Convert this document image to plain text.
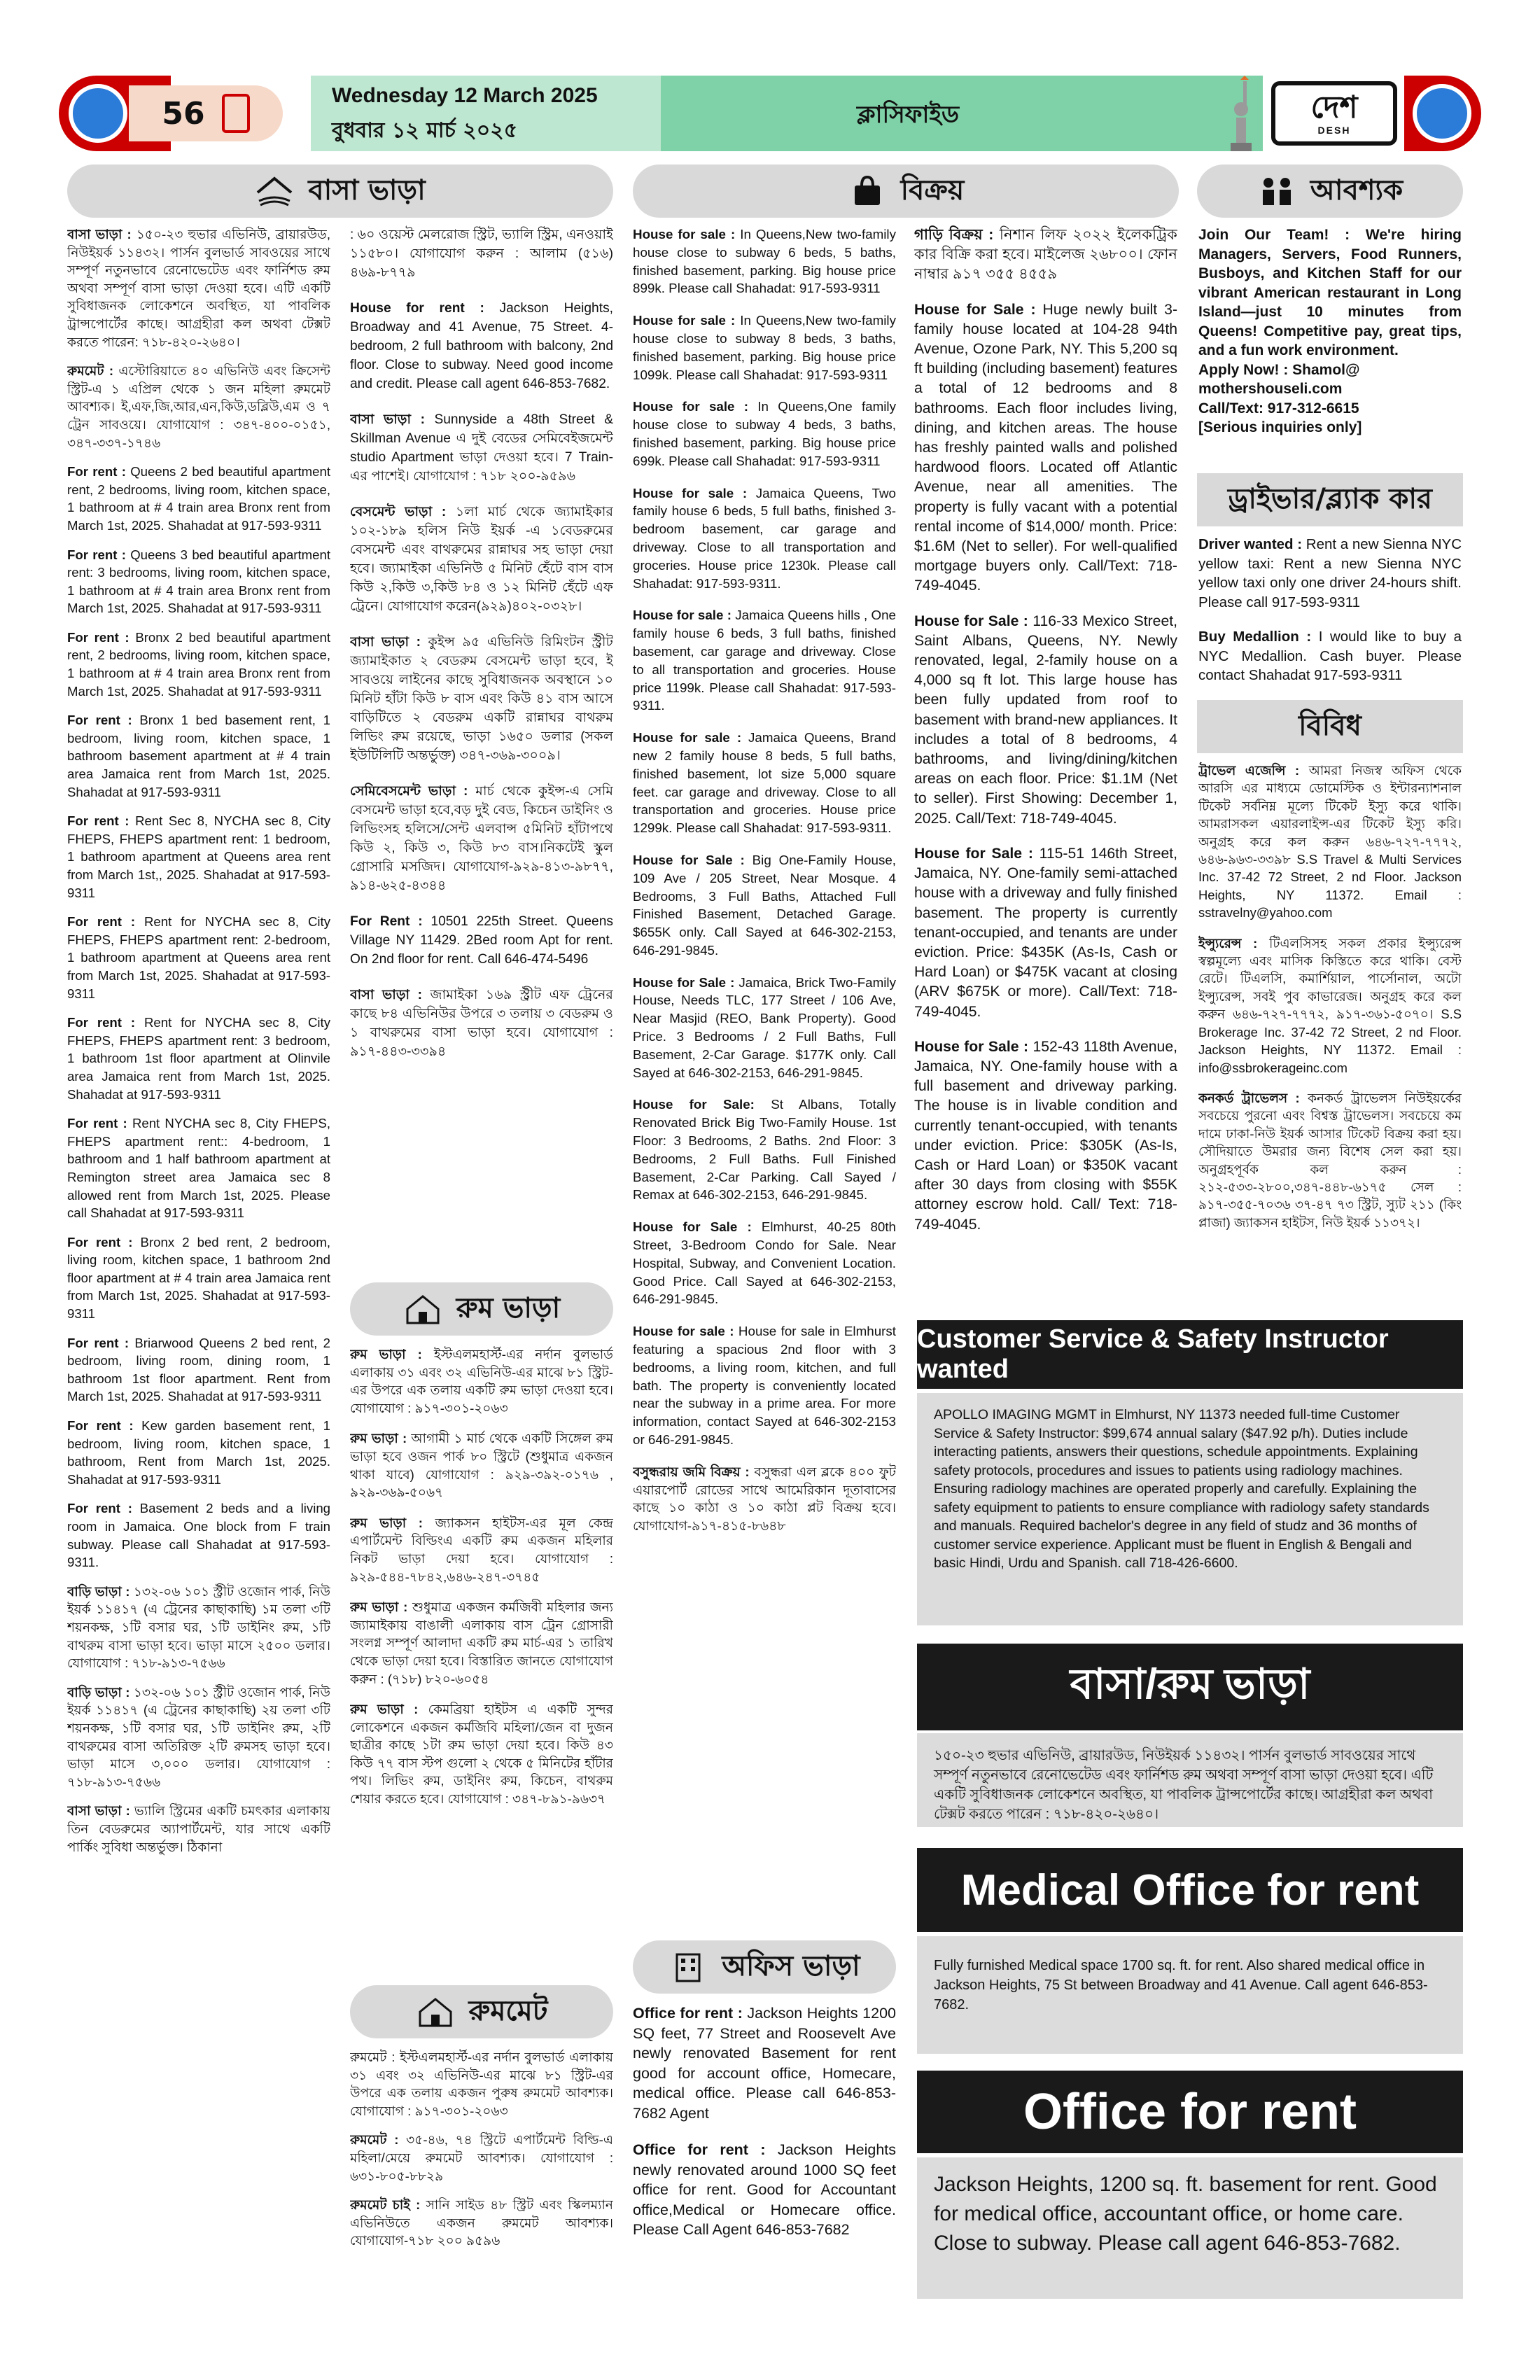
56	Wednesday 12 March 2025
বুধবার ১২ মার্চ ২০২৫
ক্লাসিফাইড	দেশ
DESH
বাসা ভাড়া
বাসা ভাড়া : ১৫০-২৩ হুভার এভিনিউ, ব্রায়ারউড, নিউইয়র্ক ১১৪৩২। পার্সন বুলভার্ড সাবওয়ের সাথে সম্পূর্ণ নতুনভাবে রেনোভেটেড এবং ফার্নিশড রুম অথবা সম্পূর্ণ বাসা ভাড়া দেওয়া হবে। এটি একটি সুবিধাজনক লোকেশনে অবস্থিত, যা পাবলিক ট্রান্সপোর্টের কাছে। আগ্রহীরা কল অথবা টেক্সট করতে পারেন: ৭১৮-৪২০-২৬৪০।
রুমমেট : এস্টোরিয়াতে ৪০ এভিনিউ এবং ক্রিসেন্ট স্ট্রিট-এ ১ এপ্রিল থেকে ১ জন মহিলা রুমমেট আবশ্যক। ই,এফ,জি,আর,এন,কিউ,ডব্লিউ,এম ও ৭ ট্রেন সাবওয়ে। যোগাযোগ : ৩৪৭-৪০০-০১৫১, ৩৪৭-৩৩৭-১৭৪৬
For rent : Queens 2 bed beautiful apartment rent, 2 bedrooms, living room, kitchen space, 1 bathroom at # 4 train area Bronx rent from March 1st, 2025. Shahadat at 917-593-9311
For rent : Queens 3 bed beautiful apartment rent: 3 bedrooms, living room, kitchen space, 1 bathroom at # 4 train area Bronx rent from March 1st, 2025. Shahadat at 917-593-9311
For rent : Bronx 2 bed beautiful apartment rent, 2 bedrooms, living room, kitchen space, 1 bathroom at # 4 train area Bronx rent from March 1st, 2025. Shahadat at 917-593-9311
For rent : Bronx 1 bed basement rent, 1 bedroom, living room, kitchen space, 1 bathroom basement apartment at # 4 train area Jamaica rent from March 1st, 2025. Shahadat at 917-593-9311
For rent : Rent Sec 8, NYCHA sec 8, City FHEPS, FHEPS apartment rent: 1 bedroom, 1 bathroom apartment at Queens area rent from March 1st,, 2025. Shahadat at 917-593-9311
For rent : Rent for NYCHA sec 8, City FHEPS, FHEPS apartment rent: 2-bedroom, 1 bathroom apartment at Queens area rent from March 1st, 2025. Shahadat at 917-593-9311
For rent : Rent for NYCHA sec 8, City FHEPS, FHEPS apartment rent: 3 bedroom, 1 bathroom 1st floor apartment at Olinvile area Jamaica rent from March 1st, 2025. Shahadat at 917-593-9311
For rent : Rent NYCHA sec 8, City FHEPS, FHEPS apartment rent:: 4-bedroom, 1 bathroom and 1 half bathroom apartment at Remington street area Jamaica sec 8 allowed rent from March 1st, 2025. Please call Shahadat at 917-593-9311
For rent : Bronx 2 bed rent, 2 bedroom, living room, kitchen space, 1 bathroom 2nd floor apartment at # 4 train area Jamaica rent from March 1st, 2025. Shahadat at 917-593-9311
For rent : Briarwood Queens 2 bed rent, 2 bedroom, living room, dining room, 1 bathroom 1st floor apartment. Rent from March 1st, 2025. Shahadat at 917-593-9311
For rent : Kew garden basement rent, 1 bedroom, living room, kitchen space, 1 bathroom, Rent from March 1st, 2025. Shahadat at 917-593-9311
For rent : Basement 2 beds and a living room in Jamaica. One block from F train subway. Please call Shahadat at 917-593-9311.
বাড়ি ভাড়া : ১৩২-০৬ ১০১ স্ট্রীট ওজোন পার্ক, নিউ ইয়র্ক ১১৪১৭ (এ ট্রেনের কাছাকাছি) ১ম তলা ৩টি শয়নকক্ষ, ১টি বসার ঘর, ১টি ডাইনিং রুম, ১টি বাথরুম বাসা ভাড়া হবে। ভাড়া মাসে ২৫০০ ডলার। যোগাযোগ : ৭১৮-৯১৩-৭৫৬৬
বাড়ি ভাড়া : ১৩২-০৬ ১০১ স্ট্রীট ওজোন পার্ক, নিউ ইয়র্ক ১১৪১৭ (এ ট্রেনের কাছাকাছি) ২য় তলা ৩টি শয়নকক্ষ, ১টি বসার ঘর, ১টি ডাইনিং রুম, ২টি বাথরুমের বাসা অতিরিক্ত ২টি রুমসহ ভাড়া হবে। ভাড়া মাসে ৩,০০০ ডলার। যোগাযোগ : ৭১৮-৯১৩-৭৫৬৬
বাসা ভাড়া : ভ্যালি স্ট্রিমের একটি চমৎকার এলাকায় তিন বেডরুমের অ্যাপার্টমেন্ট, যার সাথে একটি পার্কিং সুবিধা অন্তর্ভুক্ত। ঠিকানা
: ৬০ ওয়েস্ট মেলরোজ স্ট্রিট, ভ্যালি স্ট্রিম, এনওয়াই ১১৫৮০। যোগাযোগ করুন : আলাম (৫১৬) ৪৬৯-৮৭৭৯
House for rent : Jackson Heights, Broadway and 41 Avenue, 75 Street. 4-bedroom, 2 full bathroom with balcony, 2nd floor. Close to subway. Need good income and credit. Please call agent 646-853-7682.
বাসা ভাড়া : Sunnyside a 48th Street & Skillman Avenue এ দুই বেডের সেমিবেইজমেন্ট studio Apartment ভাড়া দেওয়া হবে। 7 Train-এর পাশেই। যোগাযোগ : ৭১৮ ২০০-৯৫৯৬
বেসমেন্ট ভাড়া : ১লা মার্চ থেকে জ্যামাইকার ১০২-১৮৯ হলিস নিউ ইয়র্ক -এ ১বেডরুমের বেসমেন্ট এবং বাথরুমের রান্নাঘর সহ ভাড়া দেয়া হবে। জ্যামাইকা এভিনিউ ৫ মিনিট হেঁটে বাস বাস কিউ ২,কিউ ৩,কিউ ৮৪ ও ১২ মিনিট হেঁটে এফ ট্রেনে। যোগাযোগ করেন(৯২৯)৪০২-০৩২৮।
বাসা ভাড়া : কুইন্স ৯৫ এভিনিউ রিমিংটন স্ট্রীট জ্যামাইকাত ২ বেডরুম বেসমেন্ট ভাড়া হবে, ই সাবওয়ে লাইনের কাছে সুবিধাজনক অবস্থানে ১০ মিনিট হাঁটা কিউ ৮ বাস এবং কিউ ৪১ বাস আসে বাড়িটিতে ২ বেডরুম একটি রান্নাঘর বাথরুম লিভিং রুম রয়েছে, ভাড়া ১৬৫০ ডলার (সকল ইউটিলিটি অন্তর্ভুক্ত) ৩৪৭-৩৬৯-৩০০৯।
সেমিবেসমেন্ট ভাড়া : মার্চ থেকে কুইন্স-এ সেমি বেসমেন্ট ভাড়া হবে,বড় দুই বেড, কিচেন ডাইনিং ও লিভিংসহ হলিসে/সেন্ট এলবান্স ৫মিনিট হাঁটাপথে কিউ ২, কিউ ৩, কিউ ৮৩ বাস।নিকটেই স্কুল গ্রোসারি মসজিদ। যোগাযোগ-৯২৯-৪১৩-৯৮৭৭, ৯১৪-৬২৫-৪৩৪৪
For Rent : 10501 225th Street. Queens Village NY 11429. 2Bed room Apt for rent. On 2nd floor for rent. Call 646-474-5496
বাসা ভাড়া : জামাইকা ১৬৯ স্ট্রীট এফ ট্রেনের কাছে ৮৪ এভিনিউর উপরে ৩ তলায় ৩ বেডরুম ও ১ বাথরুমের বাসা ভাড়া হবে। যোগাযোগ : ৯১৭-৪৪৩-৩৩৯৪
রুম ভাড়া
রুম ভাড়া : ইস্টএলমহার্স্ট-এর নর্দান বুলভার্ড এলাকায় ৩১ এবং ৩২ এভিনিউ-এর মাঝে ৮১ স্ট্রিট-এর উপরে এক তলায় একটি রুম ভাড়া দেওয়া হবে। যোগাযোগ : ৯১৭-৩০১-২০৬৩
রুম ভাড়া : আগামী ১ মার্চ থেকে একটি সিঙ্গেল রুম ভাড়া হবে ওজন পার্ক ৮০ স্ট্রিটে (শুধুমাত্র একজন থাকা যাবে) যোগাযোগ : ৯২৯-৩৯২-০১৭৬ , ৯২৯-৩৬৯-৫০৬৭
রুম ভাড়া : জ্যাকসন হাইটস-এর মূল কেন্দ্র এপার্টমেন্ট বিল্ডিংএ একটি রুম একজন মহিলার নিকট ভাড়া দেয়া হবে। যোগাযোগ : ৯২৯-৫৪৪-৭৮৪২,৬৪৬-২৪৭-৩৭৪৫
রুম ভাড়া : শুধুমাত্র একজন কর্মজিবী মহিলার জন্য জ্যামাইকায় বাঙালী এলাকায় বাস ট্রেন গ্রোসারী সংলগ্ন সম্পূর্ণ আলাদা একটি রুম মার্চ-এর ১ তারিখ থেকে ভাড়া দেয়া হবে। বিস্তারিত জানতে যোগাযোগ করুন : (৭১৮) ৮২০-৬০৫৪
রুম ভাড়া : কেমব্রিয়া হাইটস এ একটি সুন্দর লোকেশনে একজন কর্মজিবি মহিলা/জেন বা দুজন ছাত্রীর কাছে ১টা রুম ভাড়া দেয়া হবে। কিউ ৪৩ কিউ ৭৭ বাস স্টপ গুলো ২ থেকে ৫ মিনিটের হাঁটার পথ। লিভিং রুম, ডাইনিং রুম, কিচেন, বাথরুম শেয়ার করতে হবে। যোগাযোগ : ৩৪৭-৮৯১-৯৬৩৭
রুমমেট
রুমমেট : ইস্টএলমহার্স্ট-এর নর্দান বুলভার্ড এলাকায় ৩১ এবং ৩২ এভিনিউ-এর মাঝে ৮১ স্ট্রিট-এর উপরে এক তলায় একজন পুরুষ রুমমেট আবশ্যক। যোগাযোগ : ৯১৭-৩০১-২০৬৩
রুমমেট : ৩৫-৪৬, ৭৪ স্ট্রিটে এপার্টমেন্ট বিল্ডি-এ মহিলা/মেয়ে রুমমেট আবশ্যক। যোগাযোগ : ৬৩১-৮০৫-৮৮২৯
রুমমেট চাই : সানি সাইড ৪৮ স্ট্রিট এবং স্কিলম্যান এভিনিউতে একজন রুমমেট আবশ্যক। যোগাযোগ-৭১৮ ২০০ ৯৫৯৬
বিক্রয়
House for sale : In Queens,New two-family house close to subway 6 beds, 5 baths, finished basement, parking. Big house price 899k. Please call Shahadat: 917-593-9311
House for sale : In Queens,New two-family house close to subway 8 beds, 3 baths, finished basement, parking. Big house price 1099k. Please call Shahadat: 917-593-9311
House for sale : In Queens,One family house close to subway 4 beds, 3 baths, finished basement, parking. Big house price 699k. Please call Shahadat: 917-593-9311
House for sale : Jamaica Queens, Two family house 6 beds, 5 full baths, finished 3-bedroom basement, car garage and driveway. Close to all transportation and groceries. House price 1230k. Please call Shahadat: 917-593-9311.
House for sale : Jamaica Queens hills , One family house 6 beds, 3 full baths, finished basement, car garage and driveway. Close to all transportation and groceries. House price 1199k. Please call Shahadat: 917-593-9311.
House for sale : Jamaica Queens, Brand new 2 family house 8 beds, 5 full baths, finished basement, lot size 5,000 square feet. car garage and driveway. Close to all transportation and groceries. House price 1299k. Please call Shahadat: 917-593-9311.
House for Sale : Big One-Family House, 109 Ave / 205 Street, Near Mosque. 4 Bedrooms, 3 Full Baths, Attached Full Finished Basement, Detached Garage. $655K only. Call Sayed at 646-302-2153, 646-291-9845.
House for Sale : Jamaica, Brick Two-Family House, Needs TLC, 177 Street / 106 Ave, Near Masjid (REO, Bank Property). Good Price. 3 Bedrooms / 2 Full Baths, Full Basement, 2-Car Garage. $177K only. Call Sayed at 646-302-2153, 646-291-9845.
House for Sale: St Albans, Totally Renovated Brick Big Two-Family House. 1st Floor: 3 Bedrooms, 2 Baths. 2nd Floor: 3 Bedrooms, 2 Full Baths. Full Finished Basement, 2-Car Parking. Call Sayed / Remax at 646-302-2153, 646-291-9845.
House for Sale : Elmhurst, 40-25 80th Street, 3-Bedroom Condo for Sale. Near Hospital, Subway, and Convenient Location. Good Price. Call Sayed at 646-302-2153, 646-291-9845.
House for sale : House for sale in Elmhurst featuring a spacious 2nd floor with 3 bedrooms, a living room, kitchen, and full bath. The property is conveniently located near the subway in a prime area. For more information, contact Sayed at 646-302-2153 or 646-291-9845.
বসুন্ধরায় জমি বিক্রয় : বসুন্ধরা এল ব্লকে ৪০০ ফুট এয়ারপোর্ট রোডের সাথে আমেরিকান দূতাবাসের কাছে ১০ কাঠা ও ১০ কাঠা প্লট বিক্রয় হবে। যোগাযোগ-৯১৭-৪১৫-৮৬৪৮
গাড়ি বিক্রয় : নিশান লিফ ২০২২ ইলেকট্রিক কার বিক্রি করা হবে। মাইলেজ ২৬৮০০। ফোন নাম্বার ৯১৭ ৩৫৫ ৪৫৫৯
House for Sale : Huge newly built 3-family house located at 104-28 94th Avenue, Ozone Park, NY. This 5,200 sq ft building (including basement) features a total of 12 bedrooms and 8 bathrooms. Each floor includes living, dining, and kitchen areas. The house has freshly painted walls and polished hardwood floors. Located off Atlantic Avenue, near all amenities. The property is fully vacant with a potential rental income of $14,000/ month. Price: $1.6M (Net to seller). For well-qualified mortgage buyers only. Call/Text: 718-749-4045.
House for Sale : 116-33 Mexico Street, Saint Albans, Queens, NY. Newly renovated, legal, 2-family house on a 4,000 sq ft lot. This large house has been fully updated from roof to basement with brand-new appliances. It includes a total of 8 bedrooms, 4 bathrooms, and living/dining/kitchen areas on each floor. Price: $1.1M (Net to seller). First Showing: December 1, 2025. Call/Text: 718-749-4045.
House for Sale : 115-51 146th Street, Jamaica, NY. One-family semi-attached house with a driveway and fully finished basement. The property is currently tenant-occupied, and tenants are under eviction. Price: $435K (As-Is, Cash or Hard Loan) or $475K vacant at closing (ARV $675K or more). Call/Text: 718-749-4045.
House for Sale : 152-43 118th Avenue, Jamaica, NY. One-family house with a full basement and driveway parking. The house is in livable condition and currently tenant-occupied, with tenants under eviction. Price: $305K (As-Is, Cash or Hard Loan) or $350K vacant after 30 days from closing with $55K attorney escrow hold. Call/ Text: 718-749-4045.
অফিস ভাড়া
Office for rent : Jackson Heights 1200 SQ feet, 77 Street and Roosevelt Ave newly renovated Basement for rent good for account office, Homecare, medical office. Please call 646-853-7682 Agent
Office for rent : Jackson Heights newly renovated around 1000 SQ feet office for rent. Good for Accountant office,Medical or Homecare office. Please Call Agent 646-853-7682
আবশ্যক
Join Our Team! : We're hiring Managers, Servers, Food Runners, Busboys, and Kitchen Staff for our vibrant American restaurant in Long Island—just 10 minutes from Queens! Competitive pay, great tips, and a fun work environment.
Apply Now! : Shamol@
mothershouseli.com
Call/Text: 917-312-6615
[Serious inquiries only]
ড্রাইভার/ব্ল্যাক কার
Driver wanted : Rent a new Sienna NYC yellow taxi: Rent a new Sienna NYC yellow taxi only one driver 24-hours shift. Please call 917-593-9311
Buy Medallion : I would like to buy a NYC Medallion. Cash buyer. Please contact Shahadat 917-593-9311
বিবিধ
ট্রাভেল এজেন্সি : আমরা নিজস্ব অফিস থেকে আরসি এর মাধ্যমে ডোমেস্টিক ও ইন্টারন্যাশনাল টিকেট সর্বনিম্ন মূল্যে টিকেট ইস্যু করে থাকি। আমরাসকল এয়ারলাইন্স-এর টিকেট ইস্যু করি। অনুগ্রহ করে কল করুন ৬৪৬-৭২৭-৭৭৭২, ৬৪৬-৯৬৩-৩৩৯৮ S.S Travel & Multi Services Inc. 37-42 72 Street, 2 nd Floor. Jackson Heights, NY 11372. Email : sstravelny@yahoo.com
ইন্স্যুরেন্স : টিএলসিসহ সকল প্রকার ইন্স্যুরেন্স স্বল্পমূল্যে এবং মাসিক কিস্তিতে করে থাকি। বেস্ট রেটে। টিএলসি, কমার্শিয়াল, পার্সোনাল, অটো ইন্স্যুরেন্স, সবই পুব কাভারেজ। অনুগ্রহ করে কল করুন ৬৪৬-৭২৭-৭৭৭২, ৯১৭-৩৬১-৫০৭০। S.S Brokerage Inc. 37-42 72 Street, 2 nd Floor. Jackson Heights, NY 11372. Email : info@ssbrokerageinc.com
কনকর্ড ট্রাভেলস : কনকর্ড ট্রাভেলস নিউইয়র্কের সবচেয়ে পুরনো এবং বিশ্বস্ত ট্রাভেলস। সবচেয়ে কম দামে ঢাকা-নিউ ইয়র্ক আসার টিকেট বিক্রয় করা হয়। সৌদিয়াতে উমরার জন্য বিশেষ সেল করা হয়। অনুগ্রহপূর্বক কল করুন : ২১২-৫৩৩-২৮০০,৩৪৭-৪৪৮-৬১৭৫ সেল : ৯১৭-৩৫৫-৭০৩৬ ৩৭-৪৭ ৭৩ স্ট্রিট, স্যুট ২১১ (কিং প্লাজা) জ্যাকসন হাইটস, নিউ ইয়র্ক ১১৩৭২।
Customer Service & Safety Instructor wanted
APOLLO IMAGING MGMT in Elmhurst, NY 11373 needed full-time Customer Service & Safety Instructor: $99,674 annual salary ($47.92 p/h). Duties include interacting patients, answers their questions, schedule appointments. Explaining safety protocols, procedures and issues to patients using radiology machines. Ensuring radiology machines are operated properly and carefully. Explaining the safety equipment to patients to ensure compliance with radiology safety standards and manuals. Required bachelor's degree in any field of studz and 36 months of customer service experience. Applicant must be fluent in English & Bengali and basic Hindi, Urdu and Spanish. call 718-426-6600.
বাসা/রুম ভাড়া
১৫০-২৩ হুভার এভিনিউ, ব্রায়ারউড, নিউইয়র্ক ১১৪৩২। পার্সন বুলভার্ড সাবওয়ের সাথে সম্পূর্ণ নতুনভাবে রেনোভেটেড এবং ফার্নিশড রুম অথবা সম্পূর্ণ বাসা ভাড়া দেওয়া হবে। এটি একটি সুবিধাজনক লোকেশনে অবস্থিত, যা পাবলিক ট্রান্সপোর্টের কাছে। আগ্রহীরা কল অথবা টেক্সট করতে পারেন : ৭১৮-৪২০-২৬৪০।
Medical Office for rent
Fully furnished Medical space 1700 sq. ft. for rent. Also shared medical office in Jackson Heights, 75 St between Broadway and 41 Avenue. Call agent 646-853-7682.
Office for rent
Jackson Heights, 1200 sq. ft. basement for rent. Good for medical office, accountant office, or home care. Close to subway. Please call agent 646-853-7682.
